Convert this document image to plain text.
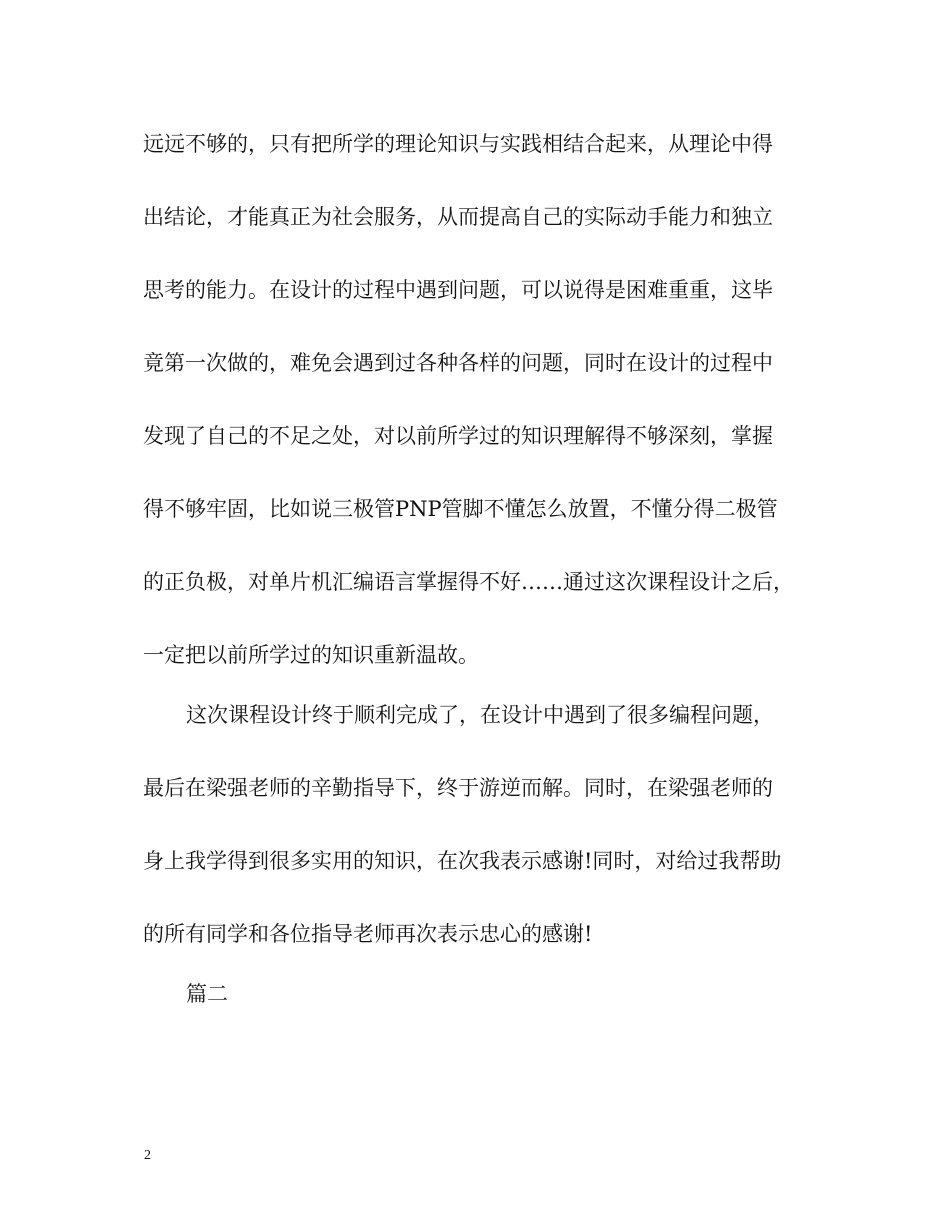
远远不够的，只有把所学的理论知识与实践相结合起来，从理论中得
出结论，才能真正为社会服务，从而提高自己的实际动手能力和独立
思考的能力。在设计的过程中遇到问题，可以说得是困难重重，这毕
竟第一次做的，难免会遇到过各种各样的问题，同时在设计的过程中
发现了自己的不足之处，对以前所学过的知识理解得不够深刻，掌握
得不够牢固，比如说三极管PNP管脚不懂怎么放置，不懂分得二极管
的正负极，对单片机汇编语言掌握得不好……通过这次课程设计之后，
一定把以前所学过的知识重新温故。
这次课程设计终于顺利完成了，在设计中遇到了很多编程问题，
最后在梁强老师的辛勤指导下，终于游逆而解。同时，在梁强老师的
身上我学得到很多实用的知识，在次我表示感谢!同时，对给过我帮助
的所有同学和各位指导老师再次表示忠心的感谢!
篇二
2
